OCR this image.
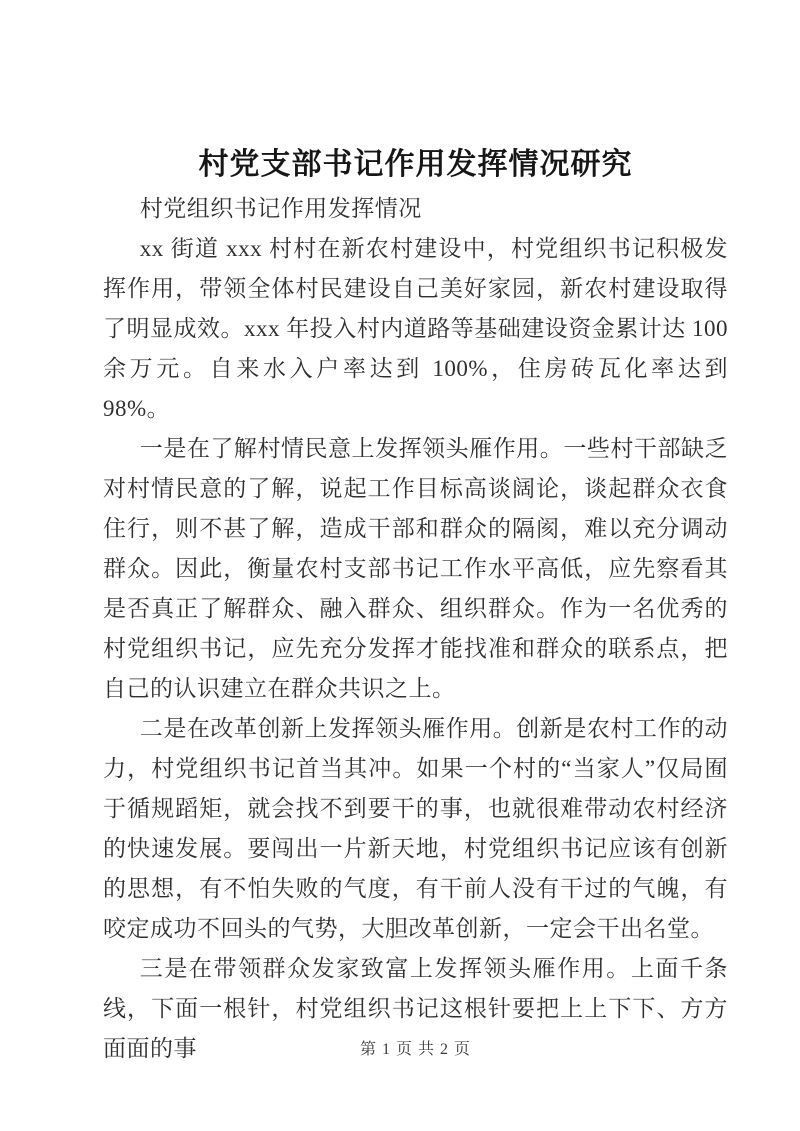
村党支部书记作用发挥情况研究

村党组织书记作用发挥情况

xx 街道 xxx 村村在新农村建设中，村党组织书记积极发挥作用，带领全体村民建设自己美好家园，新农村建设取得了明显成效。xxx 年投入村内道路等基础建设资金累计达 100 余万元。自来水入户率达到 100%，住房砖瓦化率达到 98%。

一是在了解村情民意上发挥领头雁作用。一些村干部缺乏对村情民意的了解，说起工作目标高谈阔论，谈起群众衣食住行，则不甚了解，造成干部和群众的隔阂，难以充分调动群众。因此，衡量农村支部书记工作水平高低，应先察看其是否真正了解群众、融入群众、组织群众。作为一名优秀的村党组织书记，应先充分发挥才能找准和群众的联系点，把自己的认识建立在群众共识之上。

二是在改革创新上发挥领头雁作用。创新是农村工作的动力，村党组织书记首当其冲。如果一个村的“当家人”仅局囿于循规蹈矩，就会找不到要干的事，也就很难带动农村经济的快速发展。要闯出一片新天地，村党组织书记应该有创新的思想，有不怕失败的气度，有干前人没有干过的气魄，有咬定成功不回头的气势，大胆改革创新，一定会干出名堂。

三是在带领群众发家致富上发挥领头雁作用。上面千条线，下面一根针，村党组织书记这根针要把上上下下、方方面面的事	第 1 页 共 2 页
